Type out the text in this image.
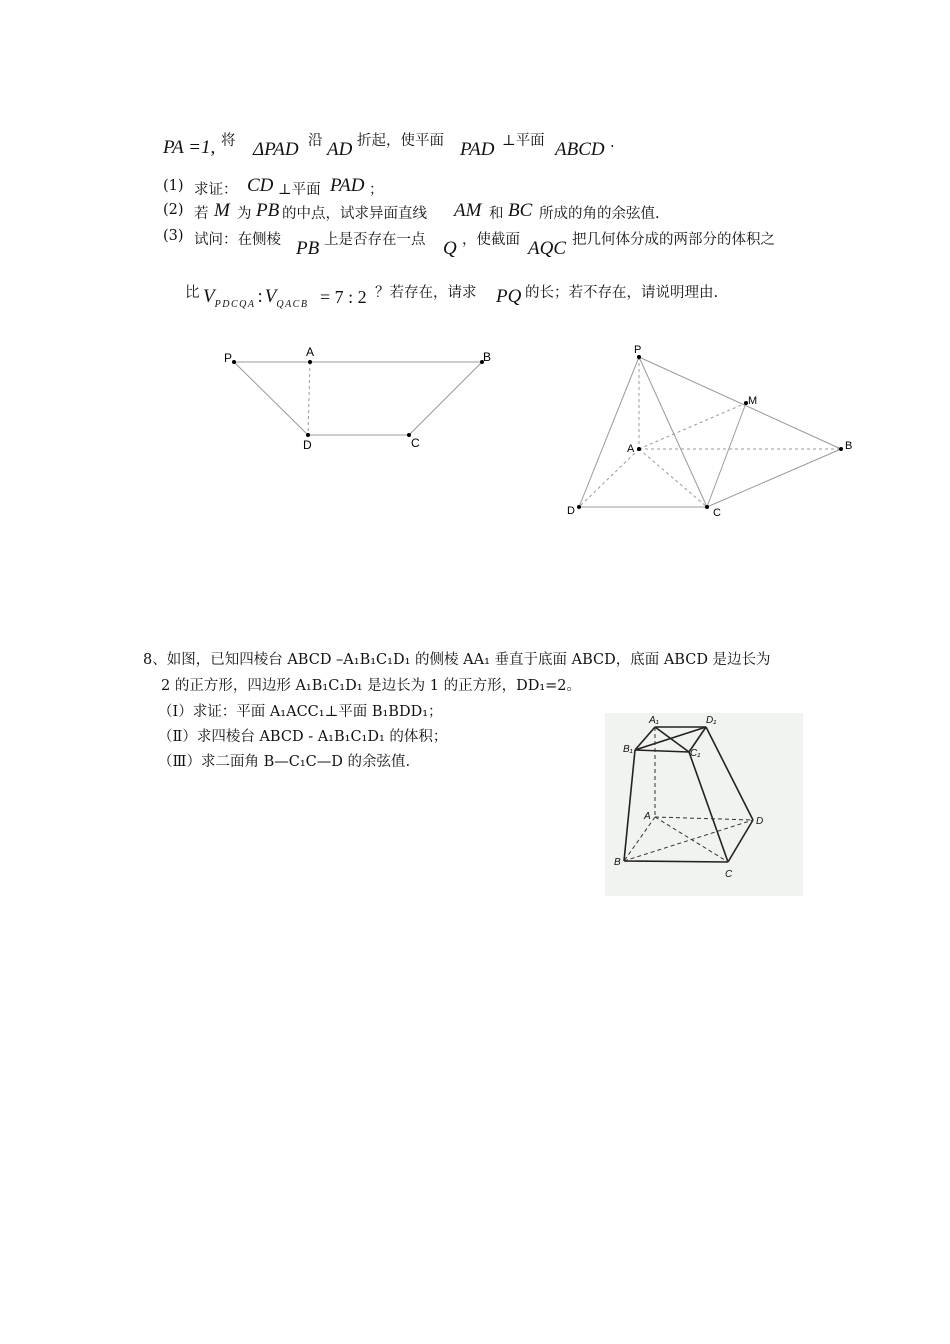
PA =1, 将 ΔPAD 沿 AD 折起，使平面 PAD ⊥平面 ABCD .
(1) 求证： CD ⊥平面 PAD ；
(2) 若 M 为 PB 的中点，试求异面直线 AM 和 BC 所成的角的余弦值.
(3) 试问：在侧棱 PB 上是否存在一点 Q ，使截面 AQC 把几何体分成的两部分的体积之
比 $V_{PDCQA}$ : $V_{QACB} = 7$ : 2 ？若存在，请求 PQ 的长；若不存在，请说明理由.
P	A	B
D	C
P
M
A	B
D	C
A₁	D₁
B₁	C₁
A	D
B
C
8、如图，已知四棱台 ABCD –A₁B₁C₁D₁ 的侧棱 AA₁ 垂直于底面 ABCD，底面 ABCD 是边长为
2 的正方形，四边形 A₁B₁C₁D₁ 是边长为 1 的正方形，DD₁=2。
（Ⅰ）求证：平面 A₁ACC₁⊥平面 B₁BDD₁；
（Ⅱ）求四棱台 ABCD - A₁B₁C₁D₁ 的体积；
（Ⅲ）求二面角 B—C₁C—D 的余弦值.
